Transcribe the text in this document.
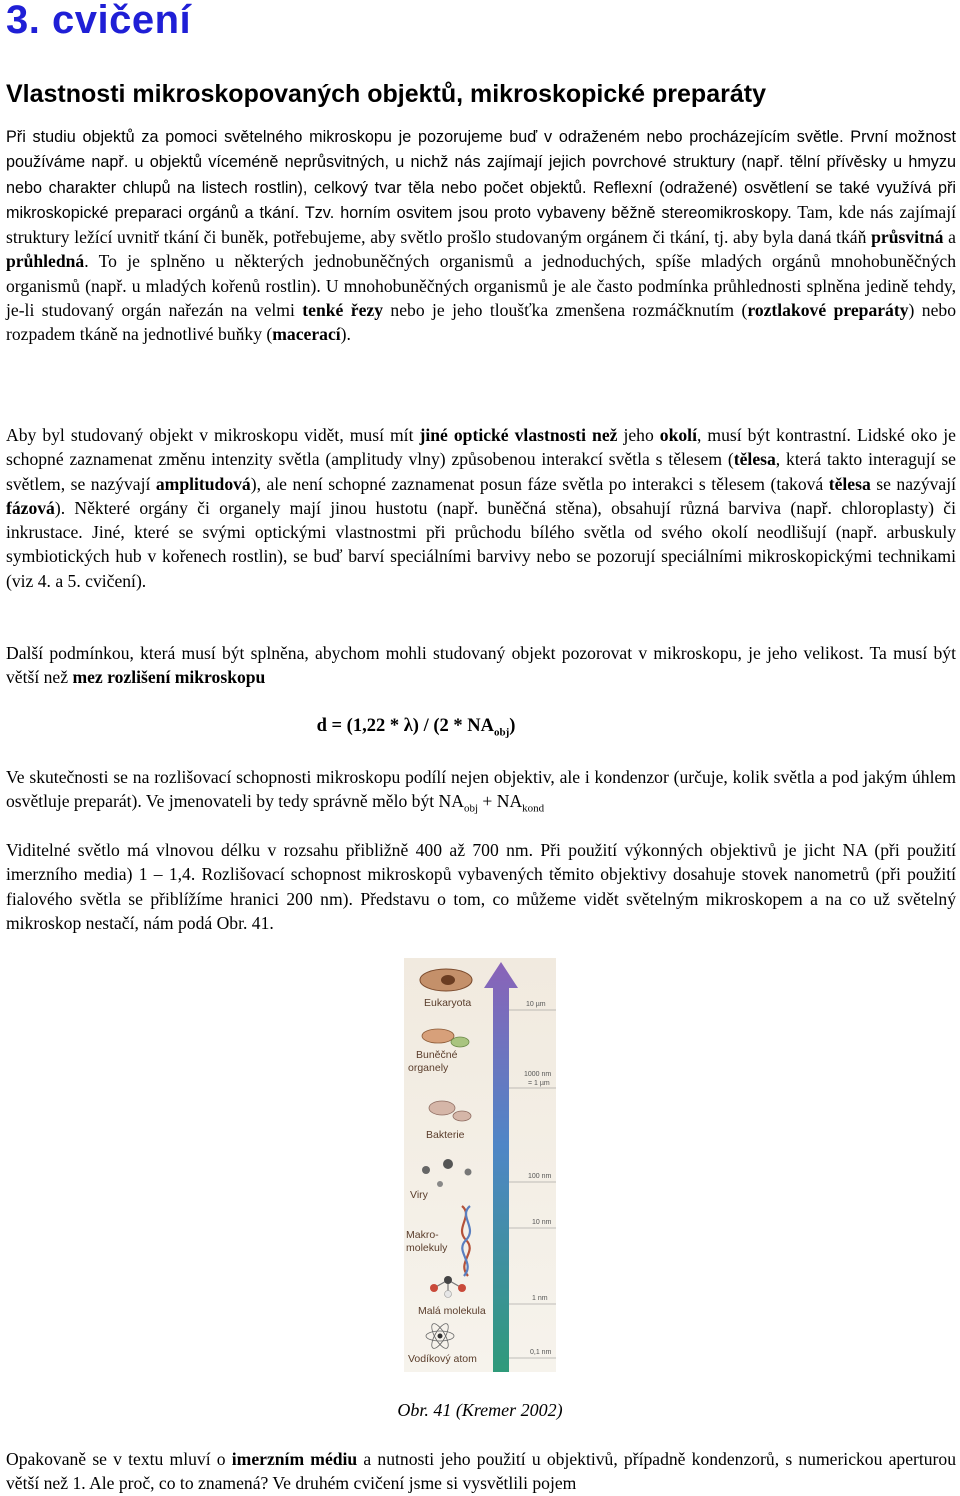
3. cvičení
Vlastnosti mikroskopovaných objektů, mikroskopické preparáty

Při studiu objektů za pomoci světelného mikroskopu je pozorujeme buď v odraženém nebo procházejícím světle. První možnost používáme např. u objektů víceméně neprůsvitných, u nichž nás zajímají jejich povrchové struktury (např. tělní přívěsky u hmyzu nebo charakter chlupů na listech rostlin), celkový tvar těla nebo počet objektů. Reflexní (odražené) osvětlení se také využívá při mikroskopické preparaci orgánů a tkání. Tzv. horním osvitem jsou proto vybaveny běžně stereomikroskopy. Tam, kde nás zajímají struktury ležící uvnitř tkání či buněk, potřebujeme, aby světlo prošlo studovaným orgánem či tkání, tj. aby byla daná tkáň průsvitná a průhledná. To je splněno u některých jednobuněčných organismů a jednoduchých, spíše mladých orgánů mnohobuněčných organismů (např. u mladých kořenů rostlin). U mnohobuněčných organismů je ale často podmínka průhlednosti splněna jedině tehdy, je-li studovaný orgán nařezán na velmi tenké řezy nebo je jeho tloušťka zmenšena rozmáčknutím (roztlakové preparáty) nebo rozpadem tkáně na jednotlivé buňky (macerací).

Aby byl studovaný objekt v mikroskopu vidět, musí mít jiné optické vlastnosti než jeho okolí, musí být kontrastní. Lidské oko je schopné zaznamenat změnu intenzity světla (amplitudy vlny) způsobenou interakcí světla s tělesem (tělesa, která takto interagují se světlem, se nazývají amplitudová), ale není schopné zaznamenat posun fáze světla po interakci s tělesem (taková tělesa se nazývají fázová). Některé orgány či organely mají jinou hustotu (např. buněčná stěna), obsahují různá barviva (např. chloroplasty) či inkrustace. Jiné, které se svými optickými vlastnostmi při průchodu bílého světla od svého okolí neodlišují (např. arbuskuly symbiotických hub v kořenech rostlin), se buď barví speciálními barvivy nebo se pozorují speciálními mikroskopickými technikami (viz 4. a 5. cvičení).

Další podmínkou, která musí být splněna, abychom mohli studovaný objekt pozorovat v mikroskopu, je jeho velikost. Ta musí být větší než mez rozlišení mikroskopu

$d = (1,22 * \lambda) / (2 * NA_{obj})$

Ve skutečnosti se na rozlišovací schopnosti mikroskopu podílí nejen objektiv, ale i kondenzor (určuje, kolik světla a pod jakým úhlem osvětluje preparát). Ve jmenovateli by tedy správně mělo být $NA_{obj} + NA_{kond}$

Viditelné světlo má vlnovou délku v rozsahu přibližně 400 až 700 nm. Při použití výkonných objektivů je jicht NA (při použití imerzního media) 1 – 1,4. Rozlišovací schopnost mikroskopů vybavených těmito objektivy dosahuje stovek nanometrů (při použití fialového světla se přiblížíme hranici 200 nm). Představu o tom, co můžeme vidět světelným mikroskopem a na co už světelný mikroskop nestačí, nám podá Obr. 41.

10 µm
1000 nm
= 1 µm
100 nm
10 nm
1 nm
0,1 nm
Eukaryota
Buněčné
organely
Bakterie
Viry
Makro-
molekuly
Malá molekula
Vodíkový atom
Obr. 41 (Kremer 2002)

Opakovaně se v textu mluví o imerzním médiu a nutnosti jeho použití u objektivů, případně kondenzorů, s numerickou aperturou větší než 1. Ale proč, co to znamená? Ve druhém cvičení jsme si vysvětlili pojem
